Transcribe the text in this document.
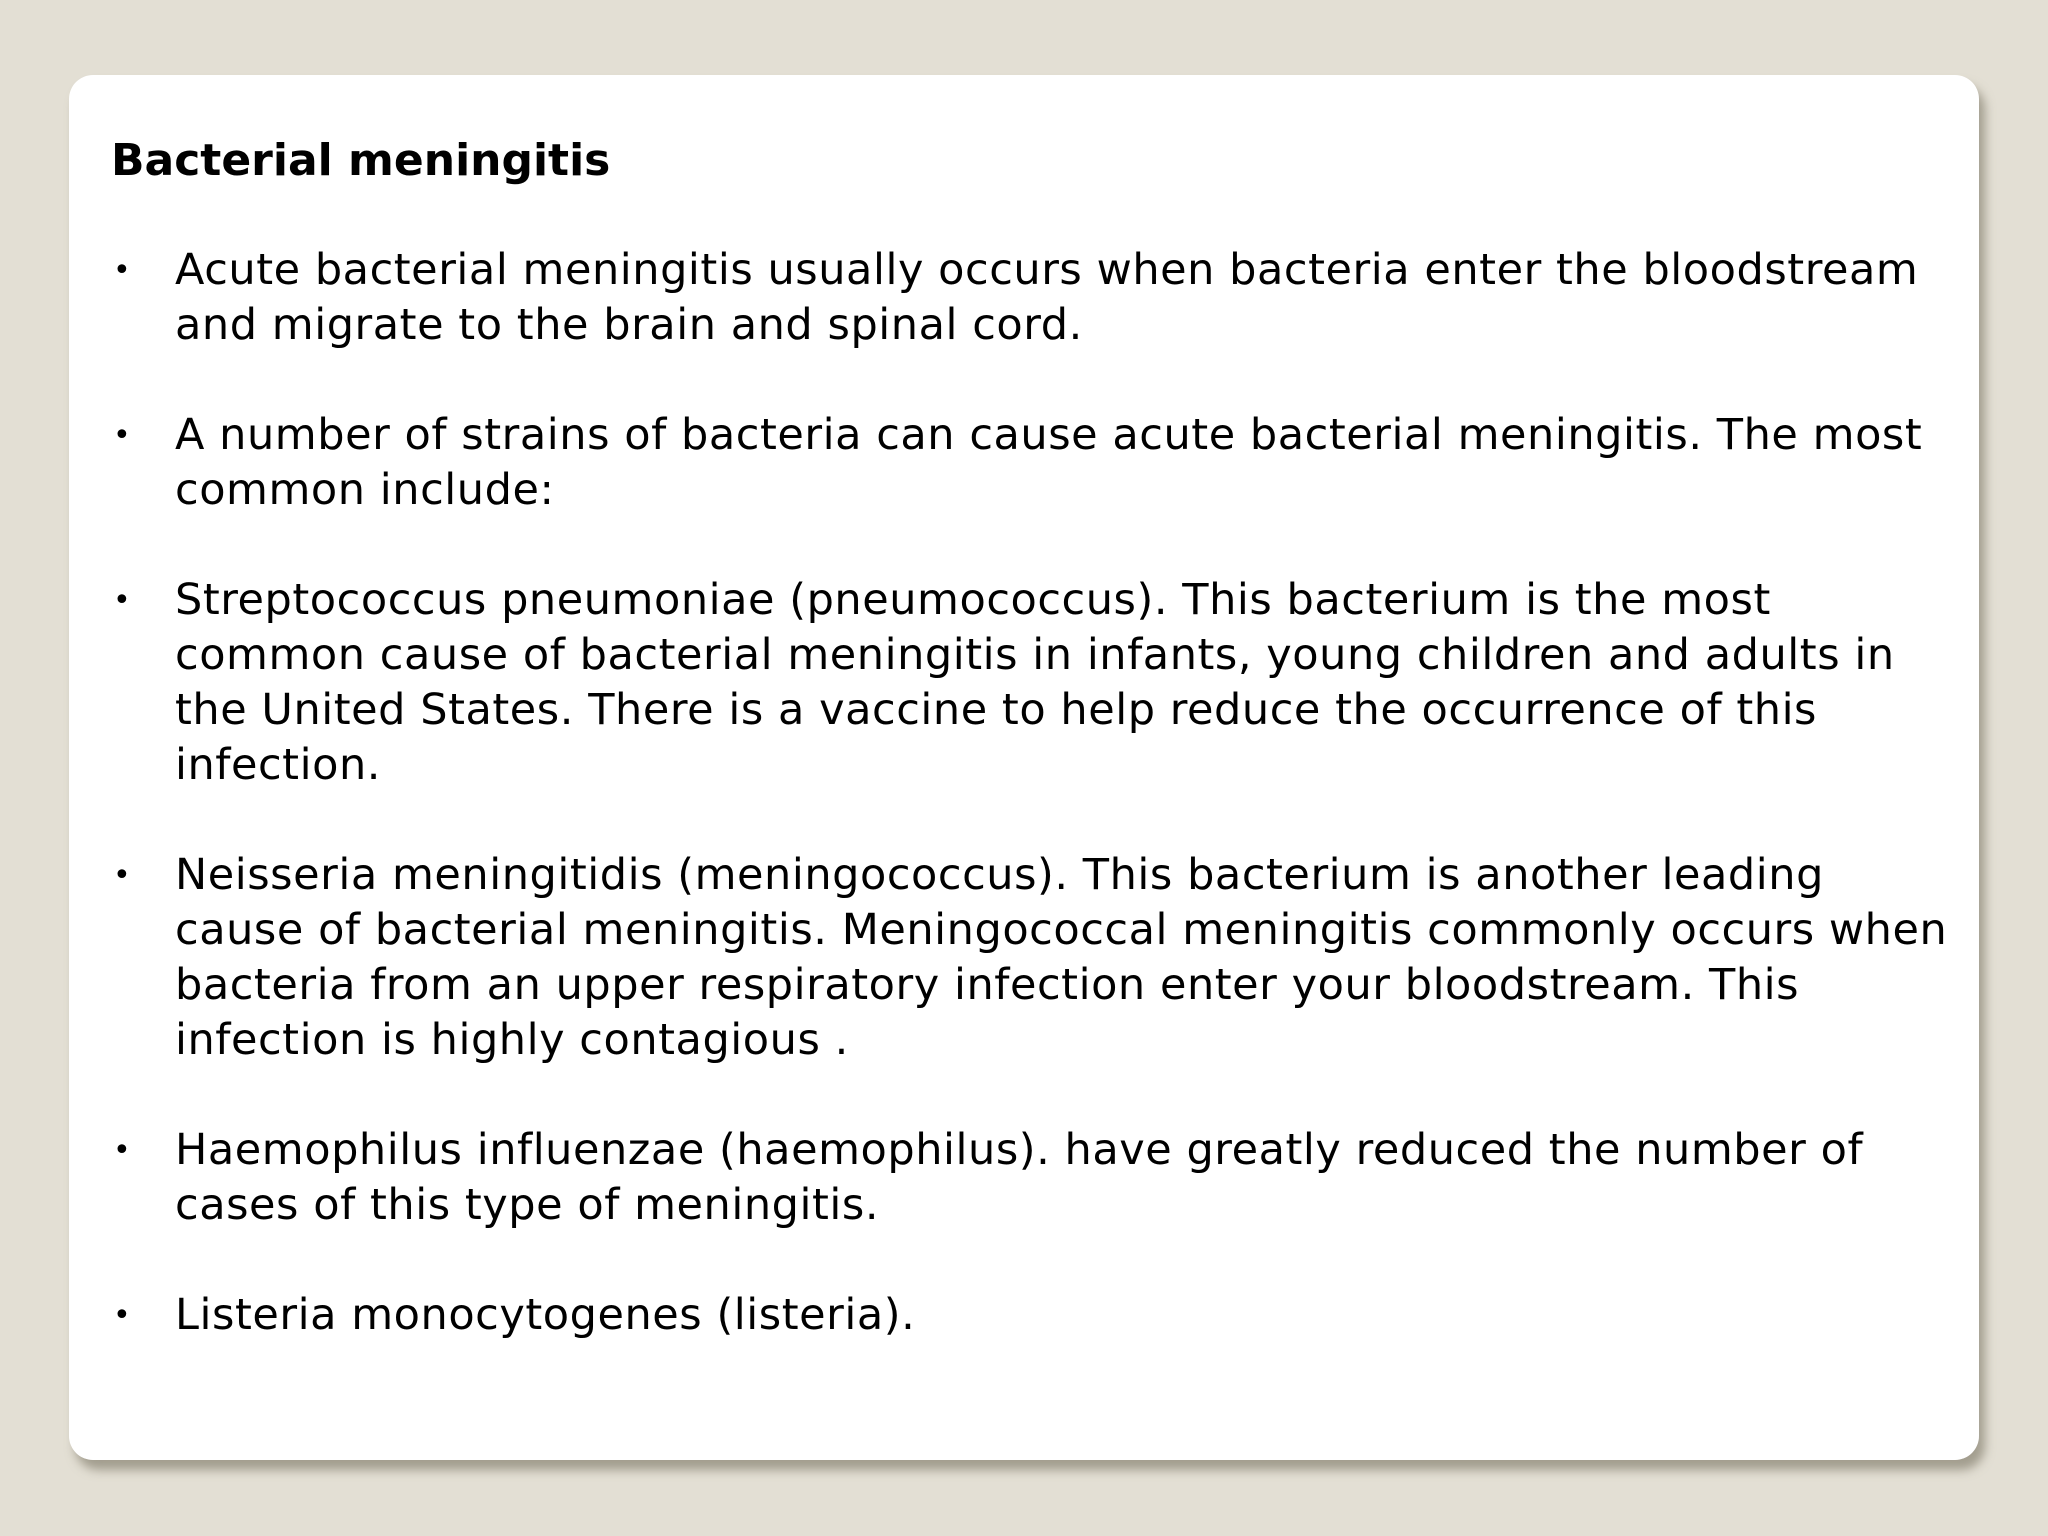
Bacterial meningitis
• Acute bacterial meningitis usually occurs when bacteria enter the bloodstream and migrate to the brain and spinal cord.
• A number of strains of bacteria can cause acute bacterial meningitis. The most common include:
• Streptococcus pneumoniae (pneumococcus). This bacterium is the most common cause of bacterial meningitis in infants, young children and adults in the United States. There is a vaccine to help reduce the occurrence of this infection.
• Neisseria meningitidis (meningococcus). This bacterium is another leading cause of bacterial meningitis. Meningococcal meningitis commonly occurs when bacteria from an upper respiratory infection enter your bloodstream. This infection is highly contagious .
• Haemophilus influenzae (haemophilus). have greatly reduced the number of cases of this type of meningitis.
• Listeria monocytogenes (listeria).
